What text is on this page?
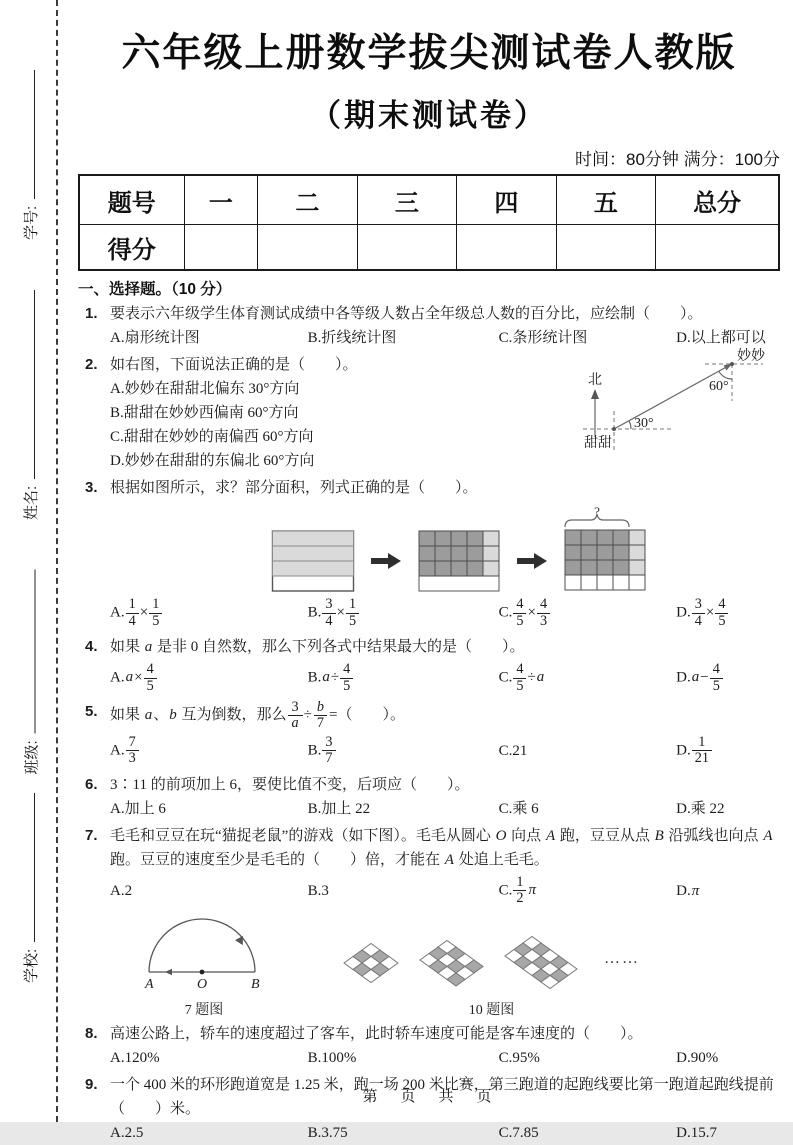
学号:
姓名:
班级:
学校:
六年级上册数学拔尖测试卷人教版
（期末测试卷）
时间：80分钟 满分：100分
题号	一	二	三	四	五	总分
得分						
一、选择题。（10 分）
1. 要表示六年级学生体育测试成绩中各等级人数占全年级总人数的百分比，应绘制（　　）。
A.扇形统计图	B.折线统计图	C.条形统计图	D.以上都可以
北
30°
60°
妙妙
甜甜
2. 如右图，下面说法正确的是（　　）。
A.妙妙在甜甜北偏东 30°方向
B.甜甜在妙妙西偏南 60°方向
C.甜甜在妙妙的南偏西 60°方向
D.妙妙在甜甜的东偏北 60°方向
3. 根据如图所示，求？部分面积，列式正确的是（　　）。
?
A. $\frac{1}{4} \times \frac{1}{5}$	B. $\frac{3}{4} \times \frac{1}{5}$	C. $\frac{4}{5} \times \frac{4}{3}$	D. $\frac{3}{4} \times \frac{4}{5}$
4. 如果 a 是非 0 自然数，那么下列各式中结果最大的是（　　）。
$A.a\times \frac{4}{5}$	$B.a\div \frac{4}{5}$	C. $\frac{4}{5} \div a$	$D.a- \frac{4}{5}$
5. 如果 a、b 互为倒数，那么 $\frac{3}{a} \div \frac{b}{7}$ =（　　）。
A. $\frac{7}{3}$	B. $\frac{3}{7}$	C.21	D. $\frac{1}{21}$
6. 3∶11 的前项加上 6，要使比值不变，后项应（　　）。
A.加上 6	B.加上 22	C.乘 6	D.乘 22
7. 毛毛和豆豆在玩“猫捉老鼠”的游戏（如下图）。毛毛从圆心 O 向点 A 跑，豆豆从点 B 沿弧线也向点 A 跑。豆豆的速度至少是毛毛的（　　）倍，才能在 A 处追上毛毛。
A.2	B.3	C. $\frac{1}{2}$ π	D.π
A	O	B
7 题图
……
10 题图
8. 高速公路上，轿车的速度超过了客车，此时轿车速度可能是客车速度的（　　）。
A.120%	B.100%	C.95%	D.90%
9. 一个 400 米的环形跑道宽是 1.25 米，跑一场 200 米比赛，第三跑道的起跑线要比第一跑道起跑线提前（　　）米。
A.2.5	B.3.75	C.7.85	D.15.7
第　页　共　页
